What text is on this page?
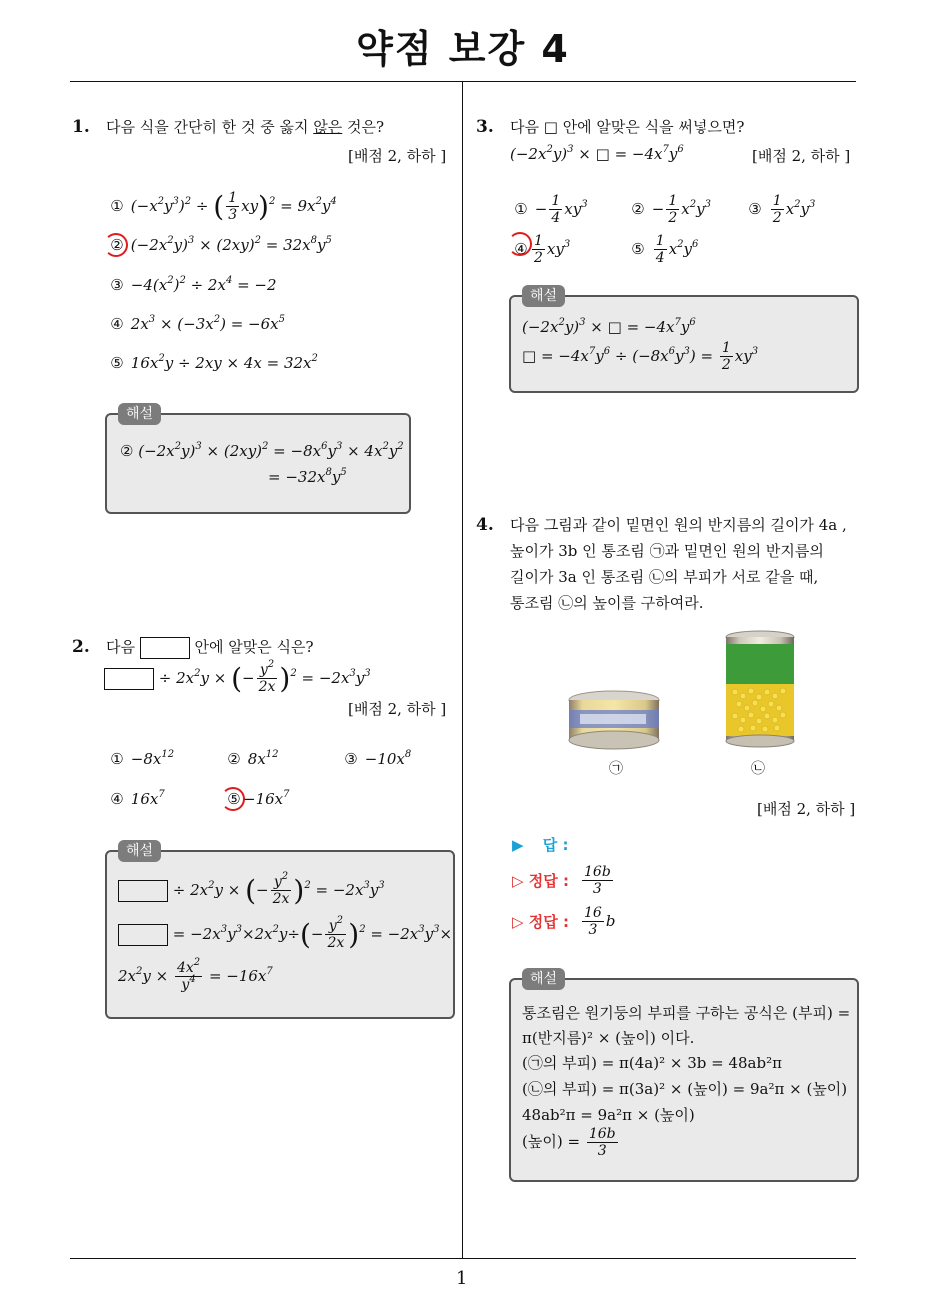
약점 보강 4
1
1. 다음 식을 간단히 한 것 중 옳지 않은 것은?
[배점 2, 하하 ]
① $(-x^2y^3)^2$ ÷ ( $\frac{1}{3} xy)^2 = 9x^2y^4$
② $(-2x^2y)^3 \times (2xy)^2 = 32x^8y^5$
③ $-4(x^2)^2 \div 2x^4 = -2$
④ $2x^3 \times (-3x^2) = -6x^5$
⑤ $16x^2y \div 2xy \times 4x = 32x^2$
해설
② $(-2x^2y)^3 \times (2xy)^2 = -8x^6y^3 \times 4x^2y^2$
= $-32x^8y^5$
2. 다음	안에 알맞은 식은?
÷ $2x^2y$ × (− $\frac{y^2}{2x} )^2 = -2x^3y^3$
[배점 2, 하하 ]
① $-8x^{12}$	② $8x^{12}$	③ $-10x^8$
④ $16x^7$	⑤ $-16x^7$
해설
÷ $2x^2y$ × (− $\frac{y^2}{2x} )^2 = -2x^3y^3$
= $-2x^3y^3\times 2x^2y\div(- \frac{y^2}{2x} )^2 = -2x^3y^3\times$
$2x^2y \times \frac{4x^2}{y^4} = -16x^7$
3. 다음 □ 안에 알맞은 식을 써넣으면?
$(-2x^2y)^3$ × □ = $-4x^7y^6$	[배점 2, 하하 ]
① − $\frac{1}{4} xy^3$	② − $\frac{1}{2} x^2y^3$ ③ $\frac{1}{2} x^2y^3$
④ $\frac{1}{2} xy^3$	⑤ $\frac{1}{4} x^2y^6$
해설
$(-2x^2y)^3$ × □ = $-4x^7y^6$
□ = $-4x^7y^6 \div (-8x^6y^3) = \frac{1}{2} xy^3$
4. 다음 그림과 같이 밑면인 원의 반지름의 길이가 4a ,
높이가 3b 인 통조림 ㉠과 밑면인 원의 반지름의
길이가 3a 인 통조림 ㉡의 부피가 서로 같을 때,
통조림 ㉡의 높이를 구하여라.
㉠	㉡
[배점 2, 하하 ]
▶ 답 :
▷ 정답 : $\frac{16b}{3}$
▷ 정답 : $\frac{16}{3}$ b
해설
통조림은 원기둥의 부피를 구하는 공식은 (부피) =
π(반지름)² × (높이) 이다.
(㉠의 부피) = π(4a)² × 3b = 48ab²π
(㉡의 부피) = π(3a)² × (높이) = 9a²π × (높이)
48ab²π = 9a²π × (높이)
(높이) = $\frac{16b}{3}$
